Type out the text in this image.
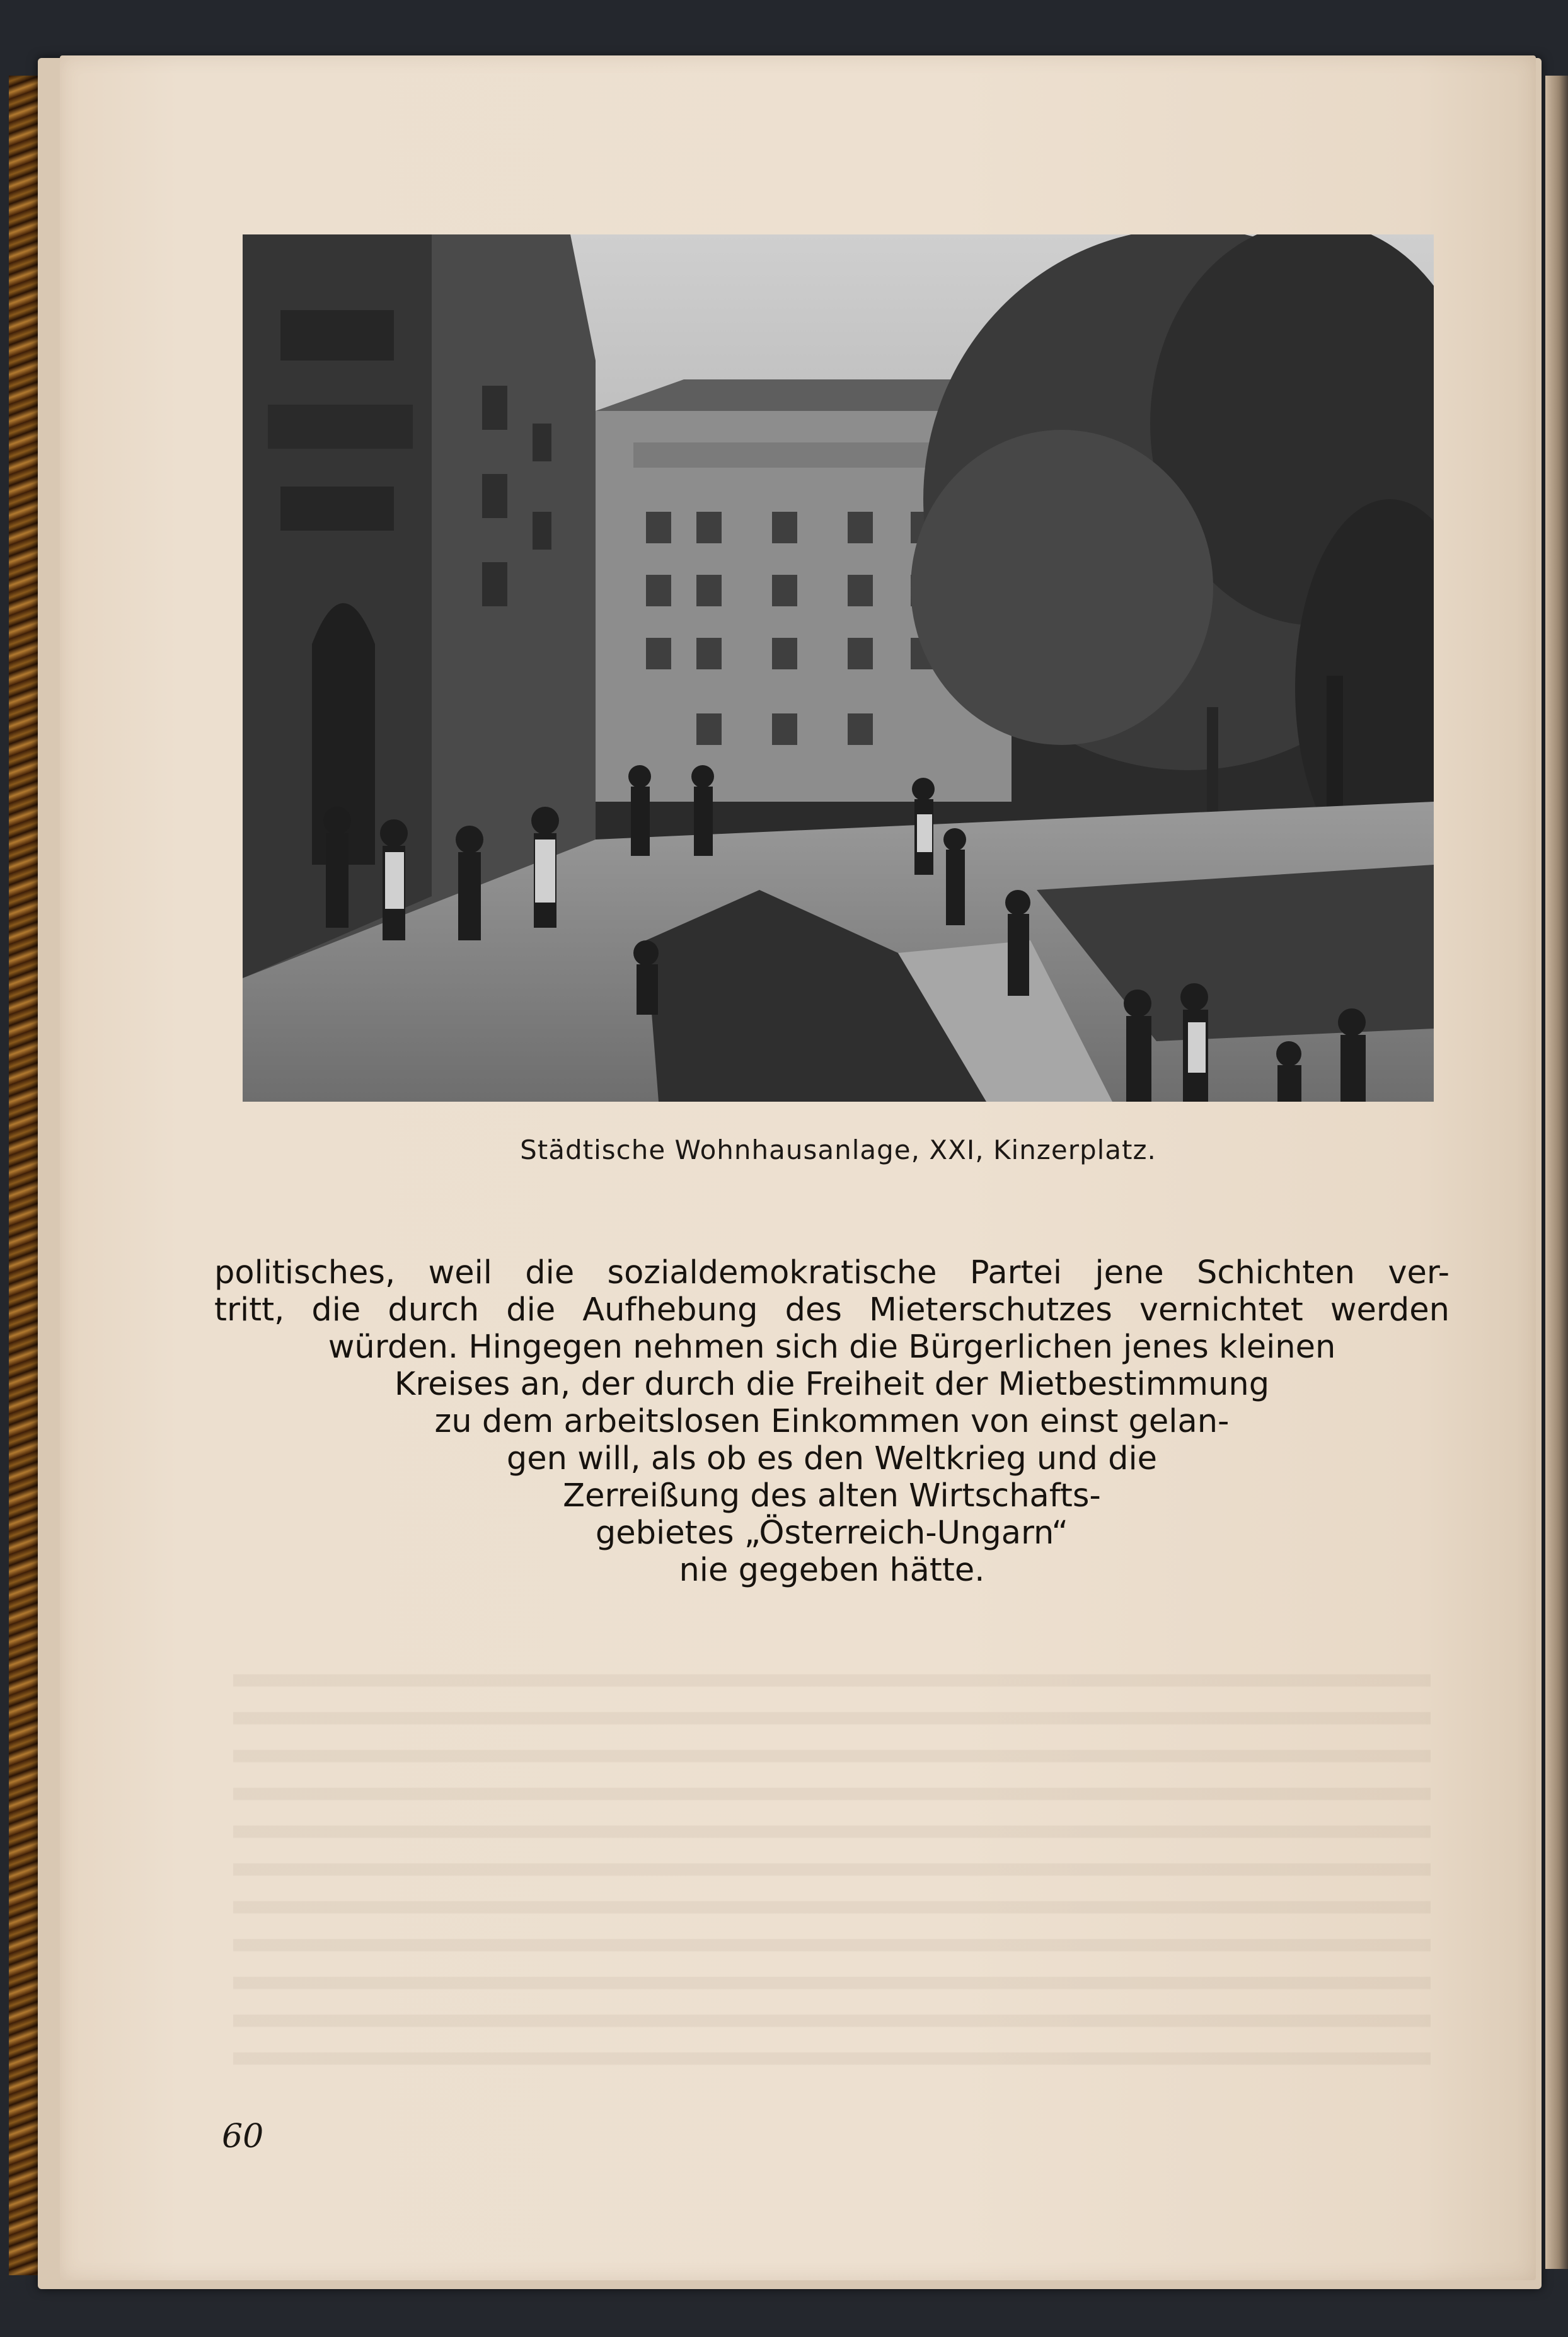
Städtische Wohnhausanlage, XXI, Kinzerplatz.
politisches, weil die sozialdemokratische Partei jene Schichten ver-
tritt, die durch die Aufhebung des Mieterschutzes vernichtet werden
würden. Hingegen nehmen sich die Bürgerlichen jenes kleinen
Kreises an, der durch die Freiheit der Mietbestimmung
zu dem arbeitslosen Einkommen von einst gelan-
gen will, als ob es den Weltkrieg und die
Zerreißung des alten Wirtschafts-
gebietes „Österreich-Ungarn“
nie gegeben hätte.
60
